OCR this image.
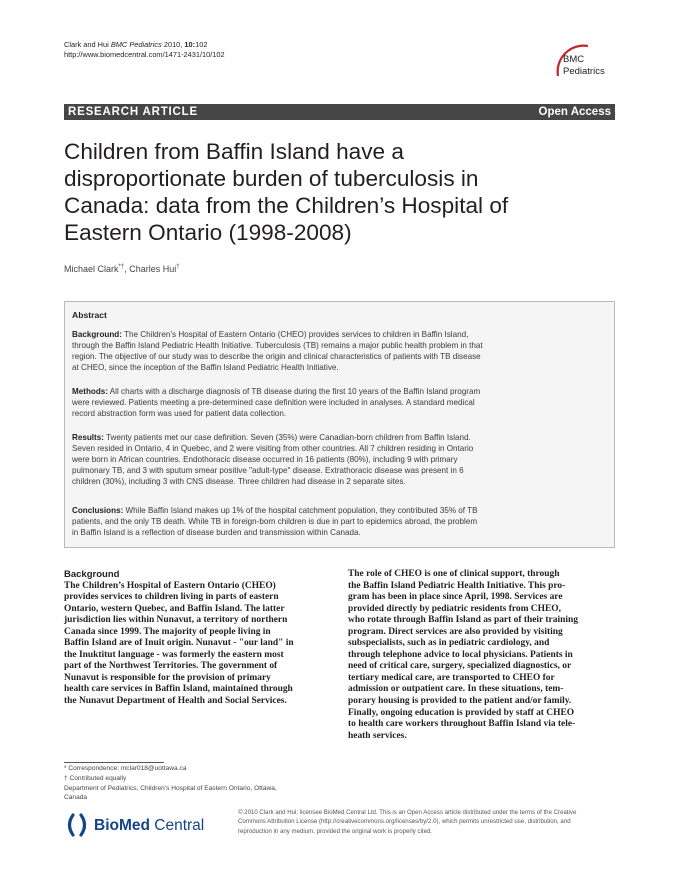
Clark and Hui BMC Pediatrics 2010, 10:102
http://www.biomedcentral.com/1471-2431/10/102	BMC
Pediatrics
RESEARCH ARTICLE	Open Access
Children from Baffin Island have a
disproportionate burden of tuberculosis in
Canada: data from the Children’s Hospital of
Eastern Ontario (1998-2008)
Michael Clark*†, Charles Hui†
Abstract
Background: The Children’s Hospital of Eastern Ontario (CHEO) provides services to children in Baffin Island,
through the Baffin Island Pediatric Health Initiative. Tuberculosis (TB) remains a major public health problem in that
region. The objective of our study was to describe the origin and clinical characteristics of patients with TB disease
at CHEO, since the inception of the Baffin Island Pediatric Health Initiative.
Methods: All charts with a discharge diagnosis of TB disease during the first 10 years of the Baffin Island program
were reviewed. Patients meeting a pre-determined case definition were included in analyses. A standard medical
record abstraction form was used for patient data collection.
Results: Twenty patients met our case definition. Seven (35%) were Canadian-born children from Baffin Island.
Seven resided in Ontario, 4 in Quebec, and 2 were visiting from other countries. All 7 children residing in Ontario
were born in African countries. Endothoracic disease occurred in 16 patients (80%), including 9 with primary
pulmonary TB, and 3 with sputum smear positive "adult-type" disease. Extrathoracic disease was present in 6
children (30%), including 3 with CNS disease. Three children had disease in 2 separate sites.
Conclusions: While Baffin Island makes up 1% of the hospital catchment population, they contributed 35% of TB
patients, and the only TB death. While TB in foreign-born children is due in part to epidemics abroad, the problem
in Baffin Island is a reflection of disease burden and transmission within Canada.
Background
The Children’s Hospital of Eastern Ontario (CHEO)
provides services to children living in parts of eastern
Ontario, western Quebec, and Baffin Island. The latter
jurisdiction lies within Nunavut, a territory of northern
Canada since 1999. The majority of people living in
Baffin Island are of Inuit origin. Nunavut - "our land" in
the Inuktitut language - was formerly the eastern most
part of the Northwest Territories. The government of
Nunavut is responsible for the provision of primary
health care services in Baffin Island, maintained through
the Nunavut Department of Health and Social Services.
The role of CHEO is one of clinical support, through
the Baffin Island Pediatric Health Initiative. This pro-
gram has been in place since April, 1998. Services are
provided directly by pediatric residents from CHEO,
who rotate through Baffin Island as part of their training
program. Direct services are also provided by visiting
subspecialists, such as in pediatric cardiology, and
through telephone advice to local physicians. Patients in
need of critical care, surgery, specialized diagnostics, or
tertiary medical care, are transported to CHEO for
admission or outpatient care. In these situations, tem-
porary housing is provided to the patient and/or family.
Finally, ongoing education is provided by staff at CHEO
to health care workers throughout Baffin Island via tele-
heath services.
* Correspondence: mclar018@uottawa.ca
† Contributed equally
Department of Pediatrics, Children’s Hospital of Eastern Ontario, Ottawa,
Canada
BioMed Central
© 2010 Clark and Hui; licensee BioMed Central Ltd. This is an Open Access article distributed under the terms of the Creative
Commons Attribution License (http://creativecommons.org/licenses/by/2.0), which permits unrestricted use, distribution, and
reproduction in any medium, provided the original work is properly cited.
